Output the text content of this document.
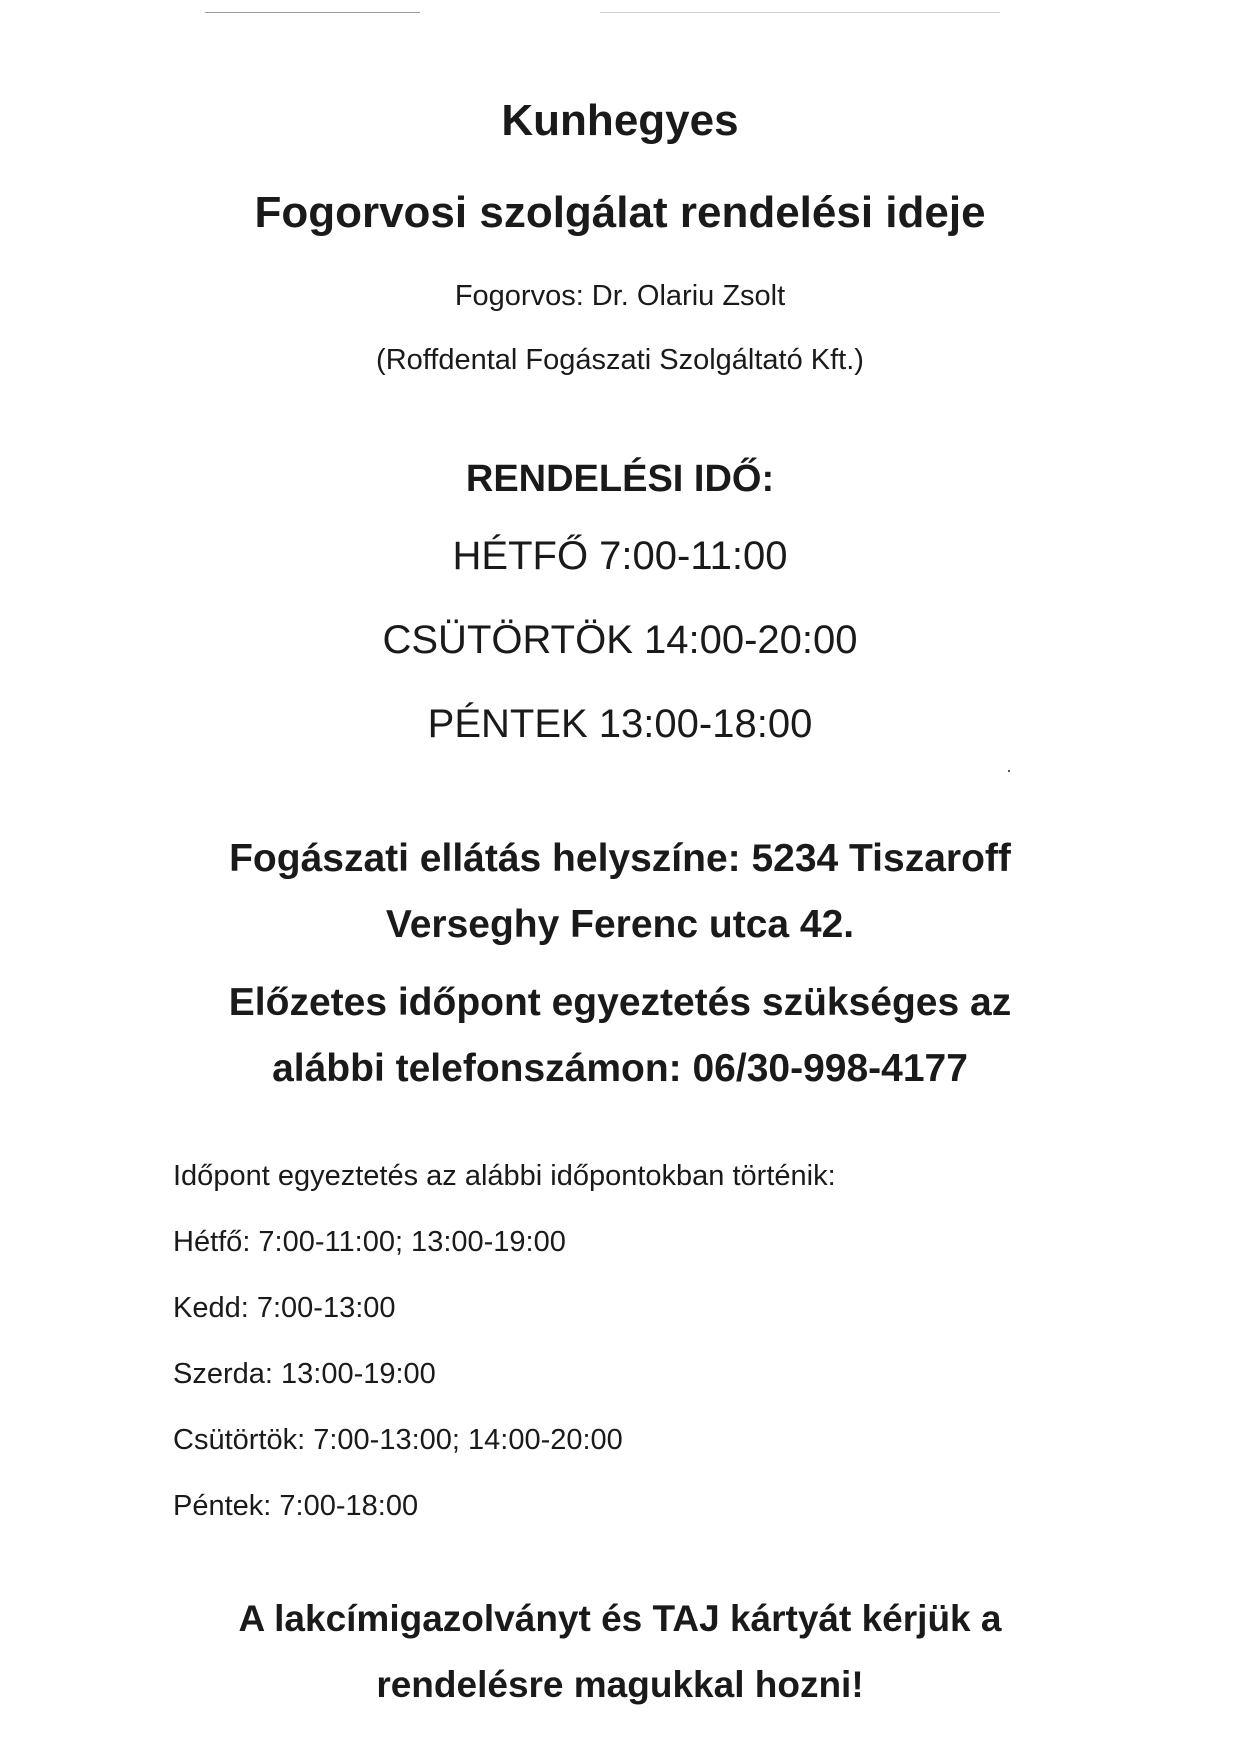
Kunhegyes
Fogorvosi szolgálat rendelési ideje
Fogorvos: Dr. Olariu Zsolt
(Roffdental Fogászati Szolgáltató Kft.)
RENDELÉSI IDŐ:
HÉTFŐ 7:00-11:00
CSÜTÖRTÖK 14:00-20:00
PÉNTEK 13:00-18:00
Fogászati ellátás helyszíne: 5234 Tiszaroff
Verseghy Ferenc utca 42.
Előzetes időpont egyeztetés szükséges az
alábbi telefonszámon: 06/30-998-4177
Időpont egyeztetés az alábbi időpontokban történik:
Hétfő: 7:00-11:00; 13:00-19:00
Kedd: 7:00-13:00
Szerda: 13:00-19:00
Csütörtök: 7:00-13:00; 14:00-20:00
Péntek: 7:00-18:00
A lakcímigazolványt és TAJ kártyát kérjük a
rendelésre magukkal hozni!
